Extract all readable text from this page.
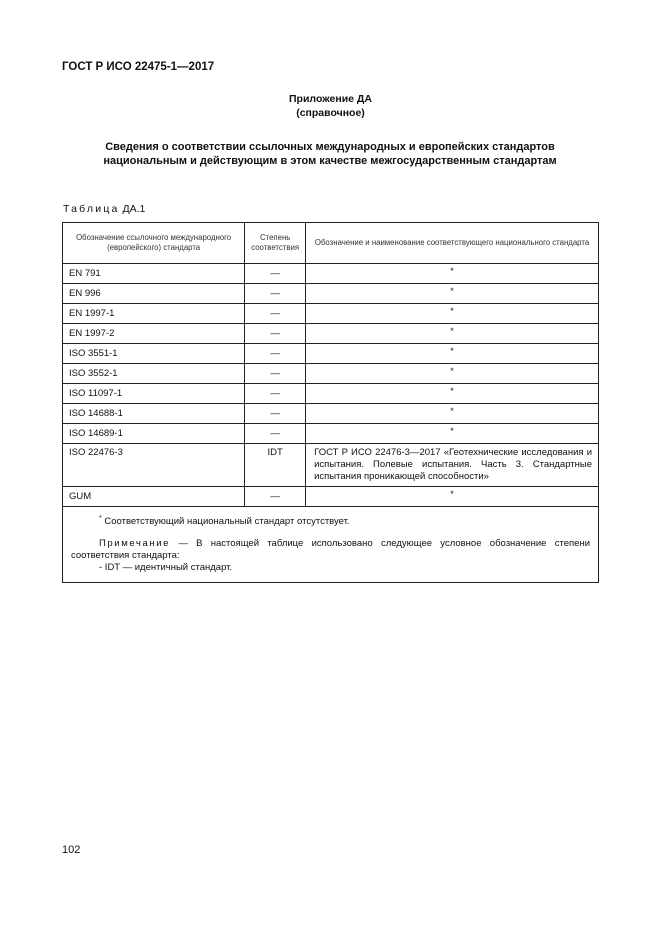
ГОСТ Р ИСО 22475-1—2017
Приложение ДА
(справочное)
Сведения о соответствии ссылочных международных и европейских стандартов
национальным и действующим в этом качестве межгосударственным стандартам
Таблица ДА.1
Обозначение ссылочного международного (европейского) стандарта	Степень соответствия	Обозначение и наименование соответствующего национального стандарта
EN 791	—	*
EN 996	—	*
EN 1997-1	—	*
EN 1997-2	—	*
ISO 3551-1	—	*
ISO 3552-1	—	*
ISO 11097-1	—	*
ISO 14688-1	—	*
ISO 14689-1	—	*
ISO 22476-3	IDT	ГОСТ Р ИСО 22476-3—2017 «Геотехнические исследования и испытания. Полевые испытания. Часть 3. Стандартные испытания проникающей способности»
GUM	—	*

* Соответствующий национальный стандарт отсутствует.

Примечание — В настоящей таблице использовано следующее условное обозначение степени соответствия стандарта:

- IDT — идентичный стандарт.		

102
